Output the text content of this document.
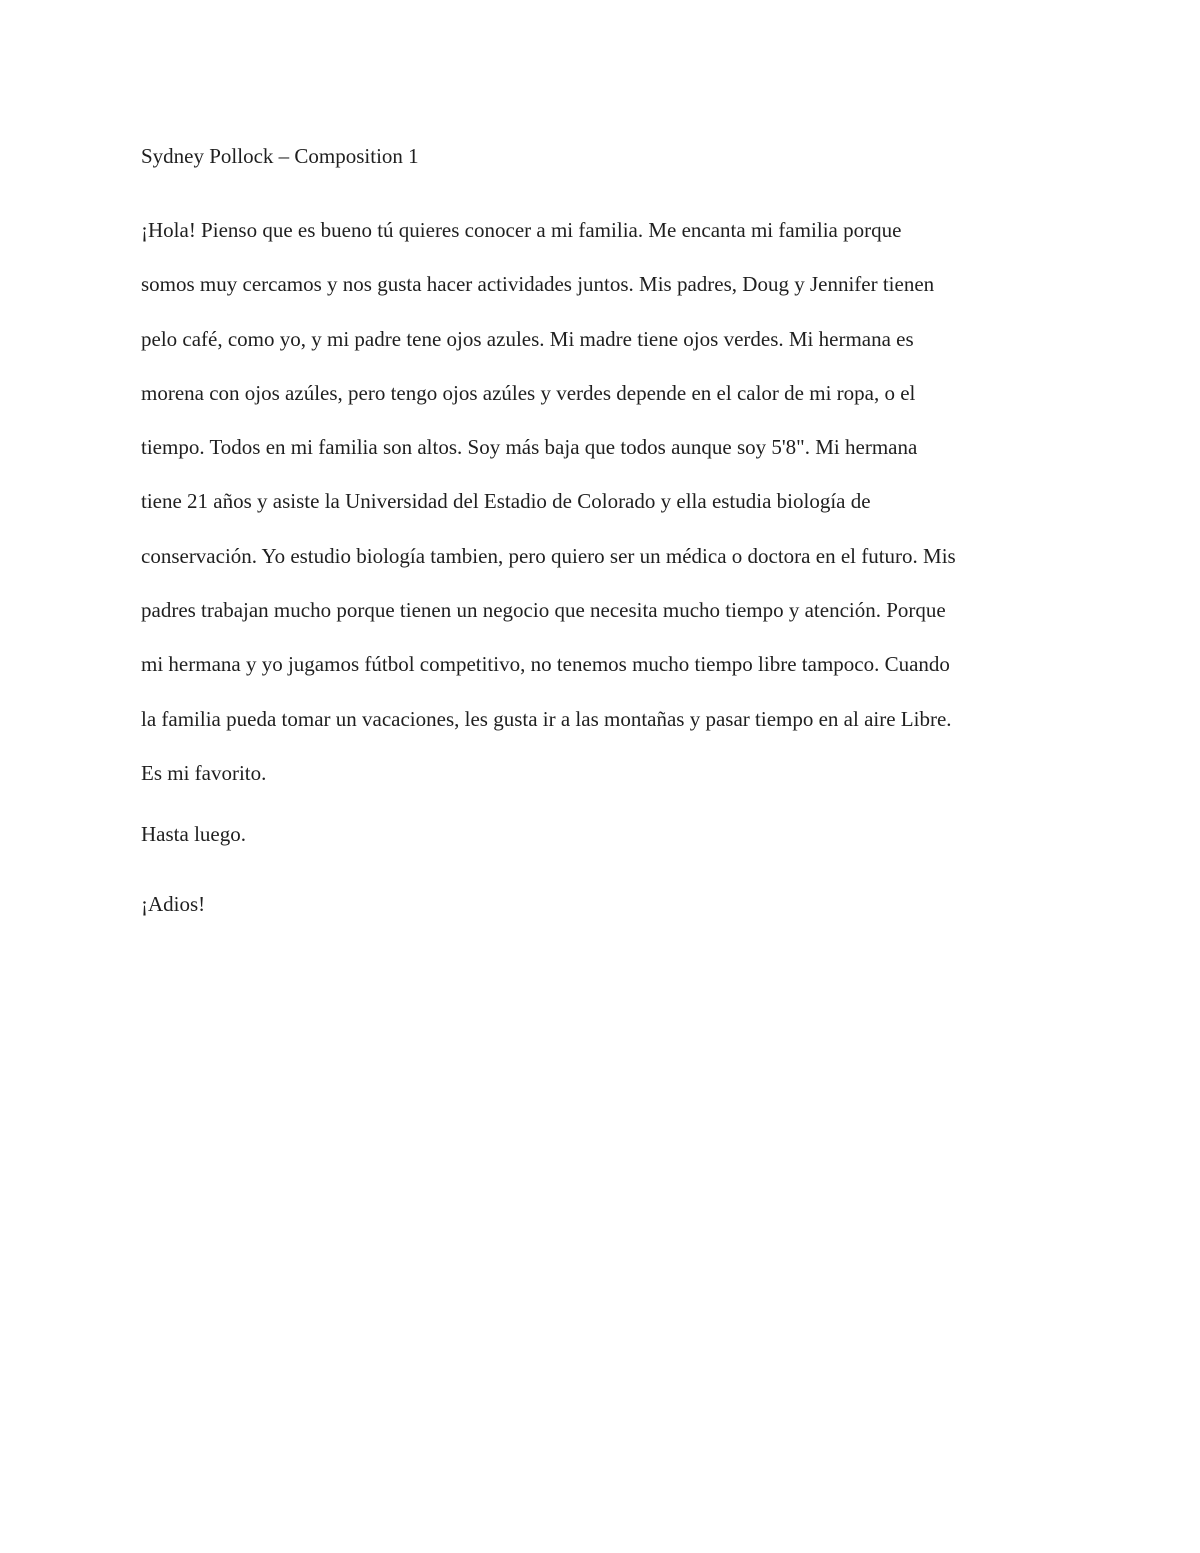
Sydney Pollock – Composition 1

¡Hola! Pienso que es bueno tú quieres conocer a mi familia. Me encanta mi familia porque
somos muy cercamos y nos gusta hacer actividades juntos. Mis padres, Doug y Jennifer tienen
pelo café, como yo, y mi padre tene ojos azules. Mi madre tiene ojos verdes. Mi hermana es
morena con ojos azúles, pero tengo ojos azúles y verdes depende en el calor de mi ropa, o el
tiempo. Todos en mi familia son altos. Soy más baja que todos aunque soy 5'8". Mi hermana
tiene 21 años y asiste la Universidad del Estadio de Colorado y ella estudia biología de
conservación. Yo estudio biología tambien, pero quiero ser un médica o doctora en el futuro. Mis
padres trabajan mucho porque tienen un negocio que necesita mucho tiempo y atención. Porque
mi hermana y yo jugamos fútbol competitivo, no tenemos mucho tiempo libre tampoco. Cuando
la familia pueda tomar un vacaciones, les gusta ir a las montañas y pasar tiempo en al aire Libre.
Es mi favorito.

Hasta luego.

¡Adios!
